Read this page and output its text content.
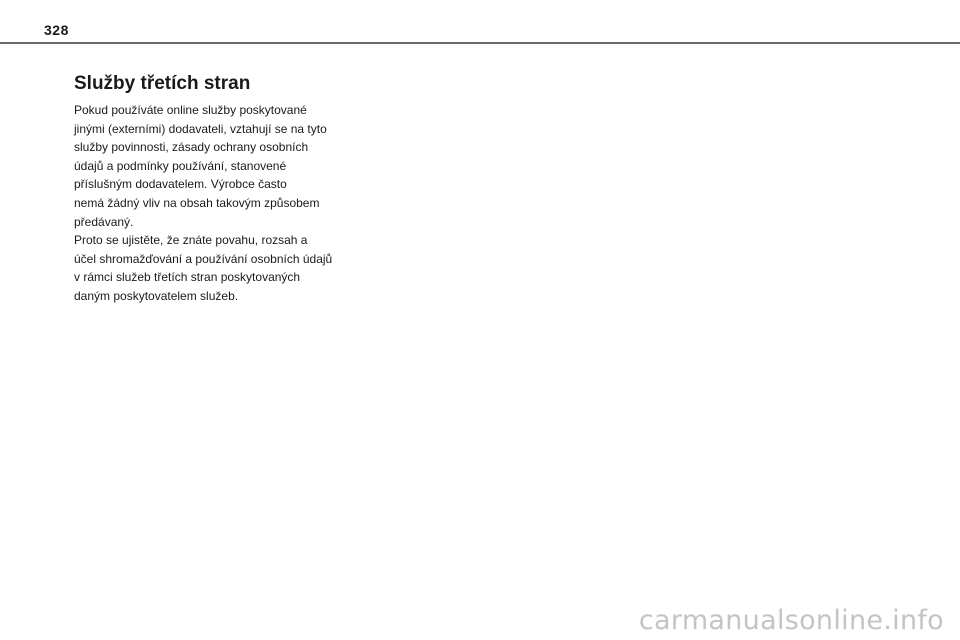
328
Služby třetích stran

Pokud používáte online služby poskytované
jinými (externími) dodavateli, vztahují se na tyto
služby povinnosti, zásady ochrany osobních
údajů a podmínky používání, stanovené
příslušným dodavatelem. Výrobce často
nemá žádný vliv na obsah takovým způsobem
předávaný.

Proto se ujistěte, že znáte povahu, rozsah a
účel shromažďování a používání osobních údajů
v rámci služeb třetích stran poskytovaných
daným poskytovatelem služeb.

carmanualsonline.info
